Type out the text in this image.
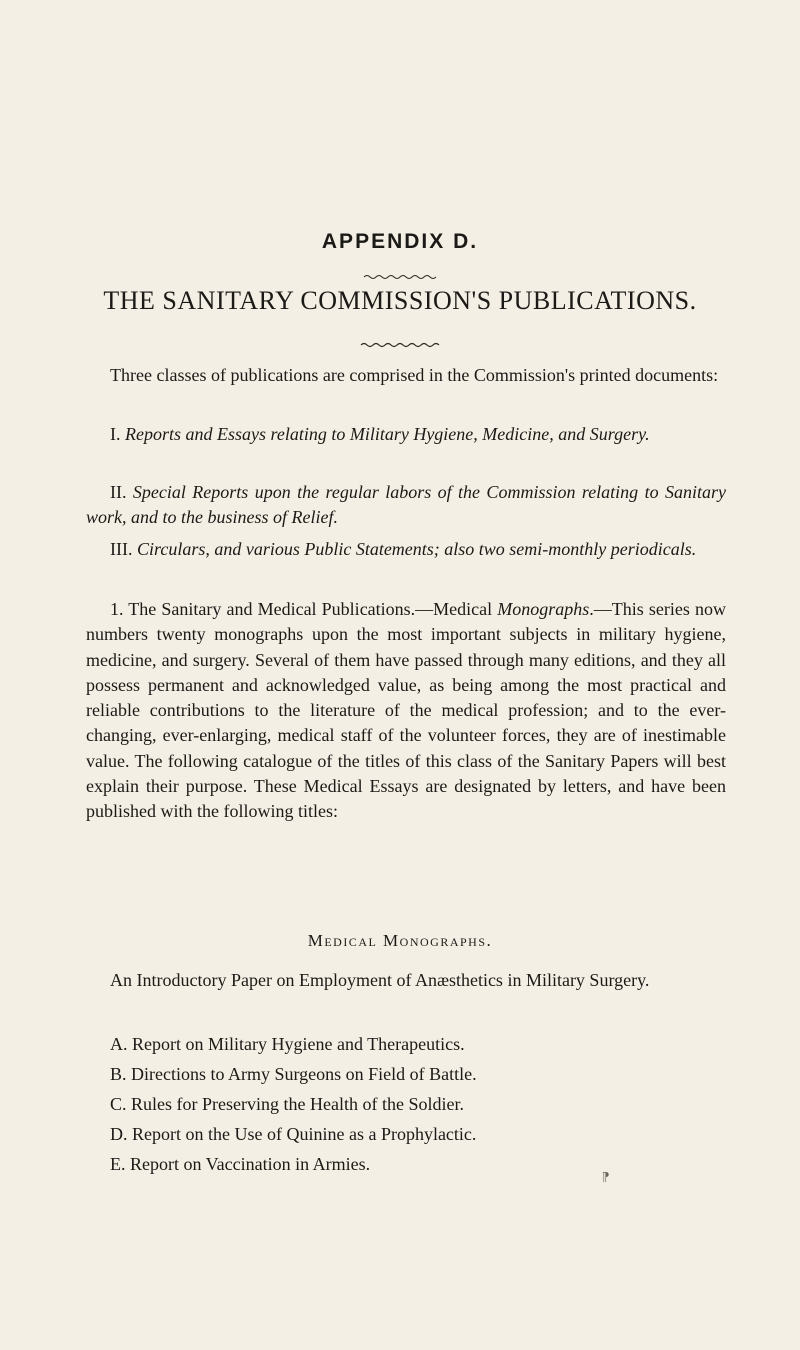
APPENDIX D.
THE SANITARY COMMISSION'S PUBLICATIONS.
Three classes of publications are comprised in the Commission's printed documents:
I. Reports and Essays relating to Military Hygiene, Medicine, and Surgery.
II. Special Reports upon the regular labors of the Commission relating to Sanitary work, and to the business of Relief.
III. Circulars, and various Public Statements; also two semi-monthly periodicals.
1. The Sanitary and Medical Publications.—Medical Monographs.—This series now numbers twenty monographs upon the most important subjects in military hygiene, medicine, and surgery. Several of them have passed through many editions, and they all possess permanent and acknowledged value, as being among the most practical and reliable contributions to the literature of the medical profession; and to the ever-changing, ever-enlarging, medical staff of the volunteer forces, they are of inestimable value. The following catalogue of the titles of this class of the Sanitary Papers will best explain their purpose. These Medical Essays are designated by letters, and have been published with the following titles:
Medical Monographs.
An Introductory Paper on Employment of Anæsthetics in Military Surgery.
A. Report on Military Hygiene and Therapeutics.
B. Directions to Army Surgeons on Field of Battle.
C. Rules for Preserving the Health of the Soldier.
D. Report on the Use of Quinine as a Prophylactic.
E. Report on Vaccination in Armies.
⁋
